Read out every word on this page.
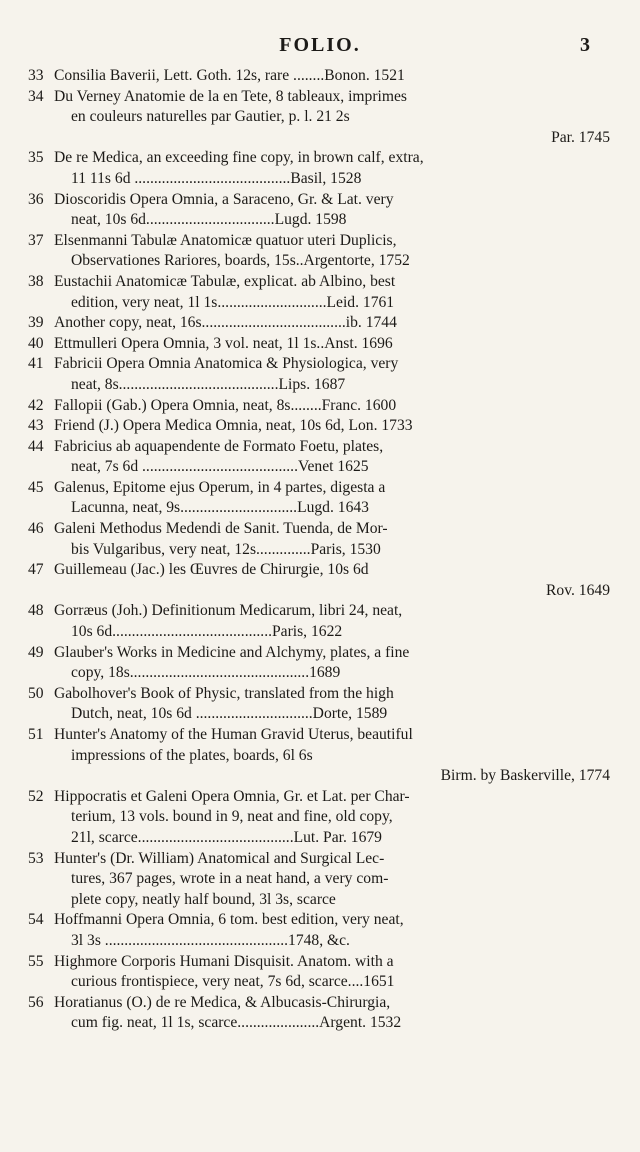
FOLIO.	3
33 Consilia Baverii, Lett. Goth. 12s, rare ........Bonon. 1521
34 Du Verney Anatomie de la en Tete, 8 tableaux, imprimes
en couleurs naturelles par Gautier, p. l. 21 2s
Par. 1745
35 De re Medica, an exceeding fine copy, in brown calf, extra,
11 11s 6d ........................................Basil, 1528
36 Dioscoridis Opera Omnia, a Saraceno, Gr. & Lat. very
neat, 10s 6d.................................Lugd. 1598
37 Elsenmanni Tabulæ Anatomicæ quatuor uteri Duplicis,
Observationes Rariores, boards, 15s..Argentorte, 1752
38 Eustachii Anatomicæ Tabulæ, explicat. ab Albino, best
edition, very neat, 1l 1s............................Leid. 1761
39 Another copy, neat, 16s.....................................ib. 1744
40 Ettmulleri Opera Omnia, 3 vol. neat, 1l 1s..Anst. 1696
41 Fabricii Opera Omnia Anatomica & Physiologica, very
neat, 8s.........................................Lips. 1687
42 Fallopii (Gab.) Opera Omnia, neat, 8s........Franc. 1600
43 Friend (J.) Opera Medica Omnia, neat, 10s 6d, Lon. 1733
44 Fabricius ab aquapendente de Formato Foetu, plates,
neat, 7s 6d ........................................Venet 1625
45 Galenus, Epitome ejus Operum, in 4 partes, digesta a
Lacunna, neat, 9s..............................Lugd. 1643
46 Galeni Methodus Medendi de Sanit. Tuenda, de Mor-
bis Vulgaribus, very neat, 12s..............Paris, 1530
47 Guillemeau (Jac.) les Œuvres de Chirurgie, 10s 6d
Rov. 1649
48 Gorræus (Joh.) Definitionum Medicarum, libri 24, neat,
10s 6d.........................................Paris, 1622
49 Glauber's Works in Medicine and Alchymy, plates, a fine
copy, 18s..............................................1689
50 Gabolhover's Book of Physic, translated from the high
Dutch, neat, 10s 6d ..............................Dorte, 1589
51 Hunter's Anatomy of the Human Gravid Uterus, beautiful
impressions of the plates, boards, 6l 6s
Birm. by Baskerville, 1774
52 Hippocratis et Galeni Opera Omnia, Gr. et Lat. per Char-
terium, 13 vols. bound in 9, neat and fine, old copy,
21l, scarce........................................Lut. Par. 1679
53 Hunter's (Dr. William) Anatomical and Surgical Lec-
tures, 367 pages, wrote in a neat hand, a very com-
plete copy, neatly half bound, 3l 3s, scarce
54 Hoffmanni Opera Omnia, 6 tom. best edition, very neat,
3l 3s ...............................................1748, &c.
55 Highmore Corporis Humani Disquisit. Anatom. with a
curious frontispiece, very neat, 7s 6d, scarce....1651
56 Horatianus (O.) de re Medica, & Albucasis-Chirurgia,
cum fig. neat, 1l 1s, scarce.....................Argent. 1532
